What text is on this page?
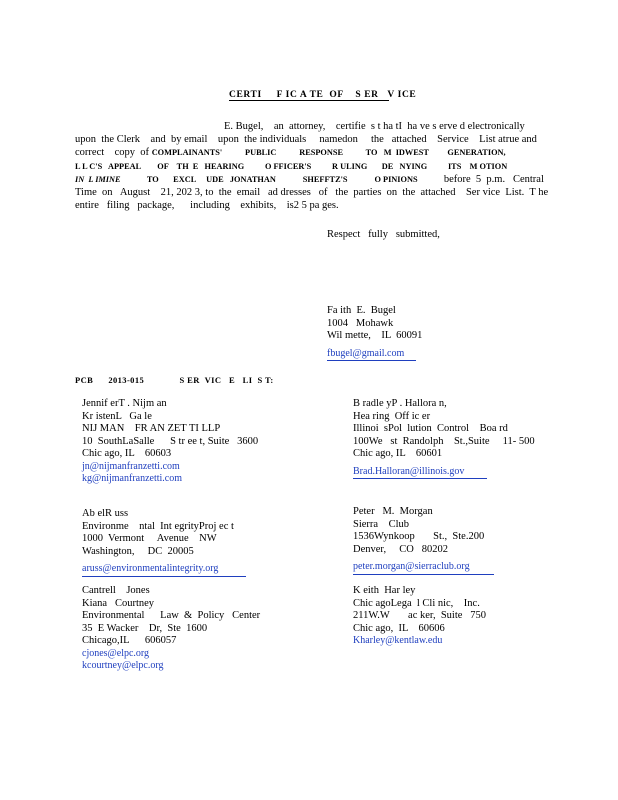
CERTI     F IC A TE  OF    S ER   V ICE
E. Bugel,    an  attorney,    certifie  s t ha tI  ha ve s erve d electronically
upon  the Clerk    and  by email    upon  the individuals     namedon     the   attached    Service    List atrue and
correct    copy  of COMPLAINANTS'           PUBLIC           RESPONSE           TO   M  IDWEST         GENERATION,
L L C'S   APPEAL        OF    TH  E   HEARING          O FFICER'S          R ULING       DE   NYING          ITS    M OTION
IN  L IMINE	TO       EXCL     UDE   JONATHAN             SHEFFTZ'S             O PINIONS	before  5  p.m.   Central
Time  on   August    21, 202 3, to  the  email   ad dresses   of   the  parties  on  the  attached    Ser vice  List.  T he
entire   filing   package,      including    exhibits,    is2 5 pa ges.
Respect   fully   submitted,
Fa ith  E.  Bugel
1004   Mohawk
Wil mette,    IL  60091
fbugel@gmail.com
PCB      2013-015              S ER  VIC   E   LI  S T:
Jennif erT . Nijm an
Kr istenL   Ga le
NIJ MAN    FR AN ZET TI LLP
10  SouthLaSalle      S tr ee t, Suite   3600
Chic ago, IL    60603
jn@nijmanfranzetti.com
kg@nijmanfranzetti.com
Ab elR uss
Environme    ntal  Int egrityProj ec t
1000  Vermont     Avenue    NW
Washington,     DC  20005
aruss@environmentalintegrity.org
Cantrell    Jones
Kiana   Courtney
Environmental      Law  &  Policy   Center
35  E Wacker    Dr,  Ste  1600
Chicago,IL      606057
cjones@elpc.org
kcourtney@elpc.org
B radle yP . Hallora n,
Hea ring  Off ic er
Illinoi  sPol  lution  Control    Boa rd
100We   st  Randolph    St.,Suite     11- 500
Chic ago, IL    60601
Brad.Halloran@illinois.gov
Peter   M.  Morgan
Sierra    Club
1536Wynkoop       St.,  Ste.200
Denver,     CO   80202
peter.morgan@sierraclub.org
K eith  Har ley
Chic agoLega  l Cli nic,    Inc.
211W.W       ac ker,  Suite   750
Chic ago,  IL    60606
Kharley@kentlaw.edu
